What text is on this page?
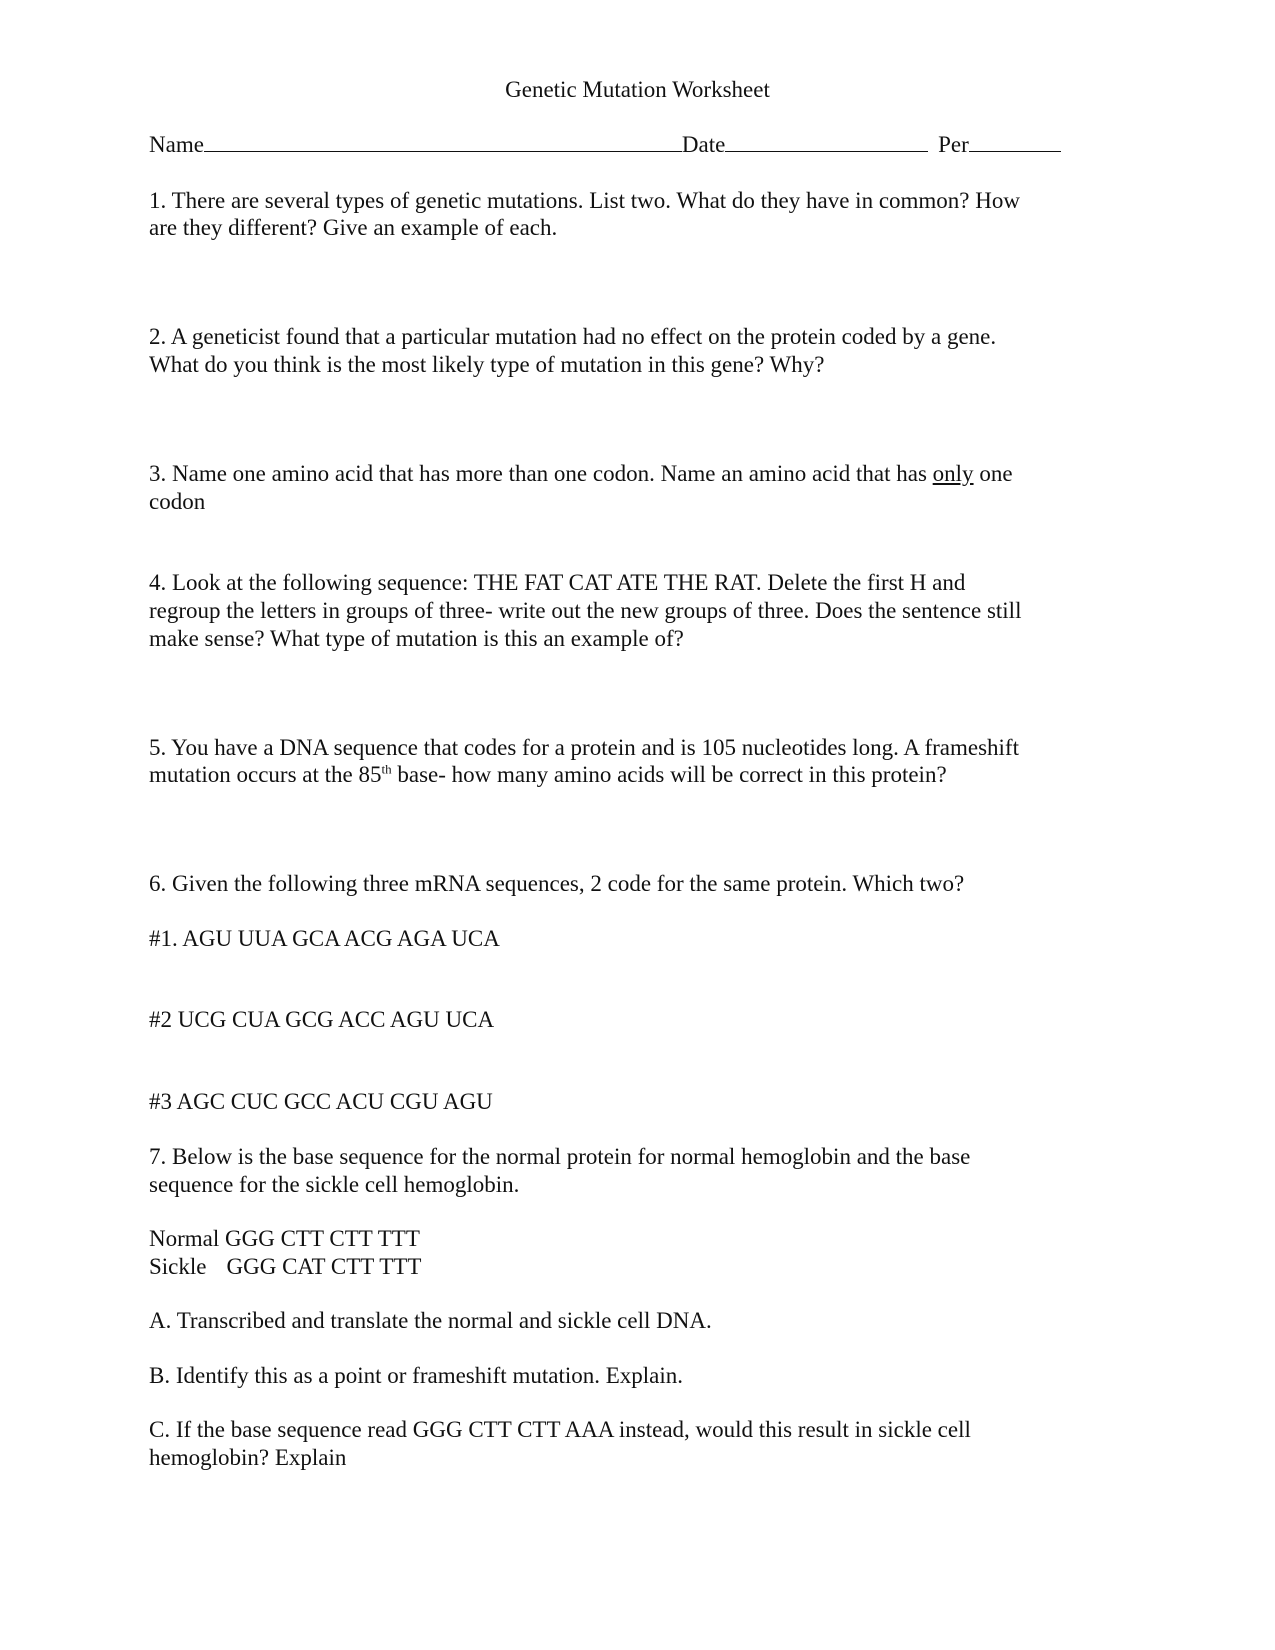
Genetic Mutation Worksheet
Name	Date	Per
1. There are several types of genetic mutations. List two. What do they have in common? How
are they different? Give an example of each.
2. A geneticist found that a particular mutation had no effect on the protein coded by a gene.
What do you think is the most likely type of mutation in this gene? Why?
3. Name one amino acid that has more than one codon. Name an amino acid that has only one
codon
4. Look at the following sequence: THE FAT CAT ATE THE RAT. Delete the first H and
regroup the letters in groups of three- write out the new groups of three. Does the sentence still
make sense? What type of mutation is this an example of?
5. You have a DNA sequence that codes for a protein and is 105 nucleotides long. A frameshift
mutation occurs at the 85th base- how many amino acids will be correct in this protein?
6. Given the following three mRNA sequences, 2 code for the same protein. Which two?
#1. AGU UUA GCA ACG AGA UCA
#2 UCG CUA GCG ACC AGU UCA
#3 AGC CUC GCC ACU CGU AGU
7. Below is the base sequence for the normal protein for normal hemoglobin and the base
sequence for the sickle cell hemoglobin.
Normal GGG CTT CTT TTT
Sickle GGG CAT CTT TTT
A. Transcribed and translate the normal and sickle cell DNA.
B. Identify this as a point or frameshift mutation. Explain.
C. If the base sequence read GGG CTT CTT AAA instead, would this result in sickle cell
hemoglobin? Explain
